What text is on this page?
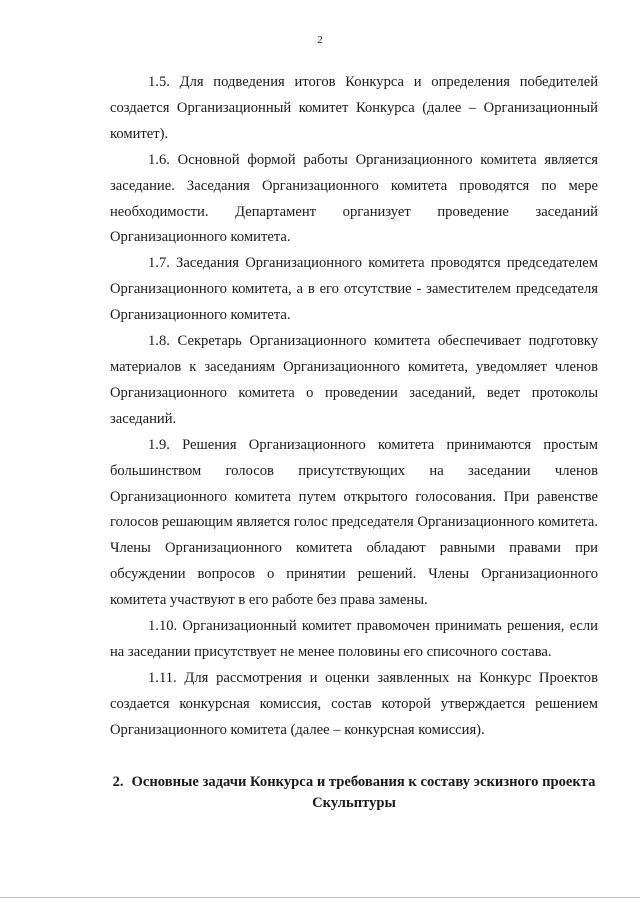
2

1.5. Для подведения итогов Конкурса и определения победителей создается Организационный комитет Конкурса (далее – Организационный комитет).

1.6. Основной формой работы Организационного комитета является заседание. Заседания Организационного комитета проводятся по мере необходимости. Департамент организует проведение заседаний Организационного комитета.

1.7. Заседания Организационного комитета проводятся председателем Организационного комитета, а в его отсутствие - заместителем председателя Организационного комитета.

1.8. Секретарь Организационного комитета обеспечивает подготовку материалов к заседаниям Организационного комитета, уведомляет членов Организационного комитета о проведении заседаний, ведет протоколы заседаний.

1.9. Решения Организационного комитета принимаются простым большинством голосов присутствующих на заседании членов Организационного комитета путем открытого голосования. При равенстве голосов решающим является голос председателя Организационного комитета. Члены Организационного комитета обладают равными правами при обсуждении вопросов о принятии решений. Члены Организационного комитета участвуют в его работе без права замены.

1.10. Организационный комитет правомочен принимать решения, если на заседании присутствует не менее половины его списочного состава.

1.11. Для рассмотрения и оценки заявленных на Конкурс Проектов создается конкурсная комиссия, состав которой утверждается решением Организационного комитета (далее – конкурсная комиссия).

2. Основные задачи Конкурса и требования к составу эскизного проекта Скульптуры
